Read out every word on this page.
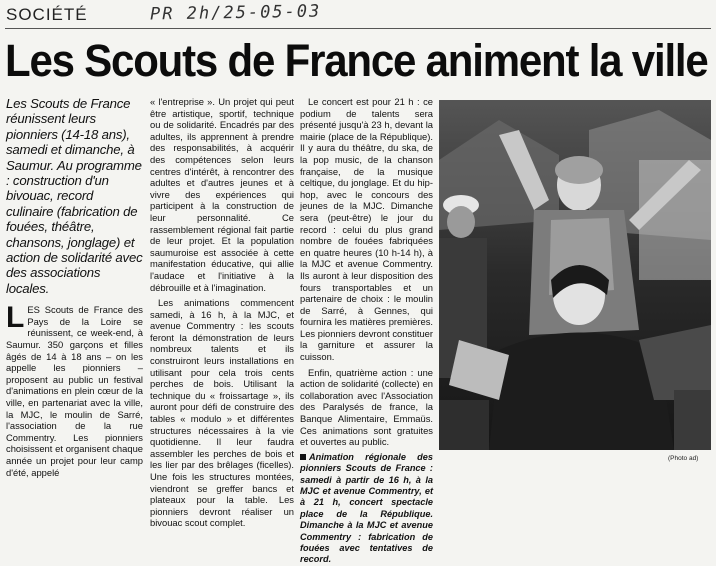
SOCIÉTÉ	PR 2h/25-05-03
Les Scouts de France animent la ville
Les Scouts de France réunissent leurs pionniers (14-18 ans), samedi et dimanche, à Saumur. Au programme : construction d'un bivouac, record culinaire (fabrication de fouées, théâtre, chansons, jonglage) et action de solidarité avec des associations locales.

LES Scouts de France des Pays de la Loire se réunissent, ce week-end, à Saumur. 350 garçons et filles âgés de 14 à 18 ans – on les appelle les pionniers – proposent au public un festival d'animations en plein cœur de la ville, en partenariat avec la ville, la MJC, le moulin de Sarré, l'association de la rue Commentry. Les pionniers choisissent et organisent chaque année un projet pour leur camp d'été, appelé

« l'entreprise ». Un projet qui peut être artistique, sportif, technique ou de solidarité. Encadrés par des adultes, ils apprennent à prendre des responsabilités, à acquérir des compétences selon leurs centres d'intérêt, à rencontrer des adultes et d'autres jeunes et à vivre des expériences qui participent à la construction de leur personnalité. Ce rassemblement régional fait partie de leur projet. Et la population saumuroise est associée à cette manifestation éducative, qui allie l'audace et l'initiative à la débrouille et à l'imagination.

Les animations commencent samedi, à 16 h, à la MJC, et avenue Commentry : les scouts feront la démonstration de leurs nombreux talents et ils construiront leurs installations en utilisant pour cela trois cents perches de bois. Utilisant la technique du « froissartage », ils auront pour défi de construire des tables « modulo » et différentes structures nécessaires à la vie quotidienne. Il leur faudra assembler les perches de bois et les lier par des brêlages (ficelles). Une fois les structures montées, viendront se greffer bancs et plateaux pour la table. Les pionniers devront réaliser un bivouac scout complet.

Le concert est pour 21 h : ce podium de talents sera présenté jusqu'à 23 h, devant la mairie (place de la République). Il y aura du théâtre, du ska, de la pop music, de la chanson française, de la musique celtique, du jonglage. Et du hip-hop, avec le concours des jeunes de la MJC. Dimanche sera (peut-être) le jour du record : celui du plus grand nombre de fouées fabriquées en quatre heures (10 h-14 h), à la MJC et avenue Commentry. Ils auront à leur disposition des fours transportables et un partenaire de choix : le moulin de Sarré, à Gennes, qui fournira les matières premières. Les pionniers devront constituer la garniture et assurer la cuisson.

Enfin, quatrième action : une action de solidarité (collecte) en collaboration avec l'Association des Paralysés de france, la Banque Alimentaire, Emmaüs. Ces animations sont gratuites et ouvertes au public.

Animation régionale des pionniers Scouts de France : samedi à partir de 16 h, à la MJC et avenue Commentry, et à 21 h, concert spectacle place de la République. Dimanche à la MJC et avenue Commentry : fabrication de fouées avec tentatives de record.
(Photo ad)
